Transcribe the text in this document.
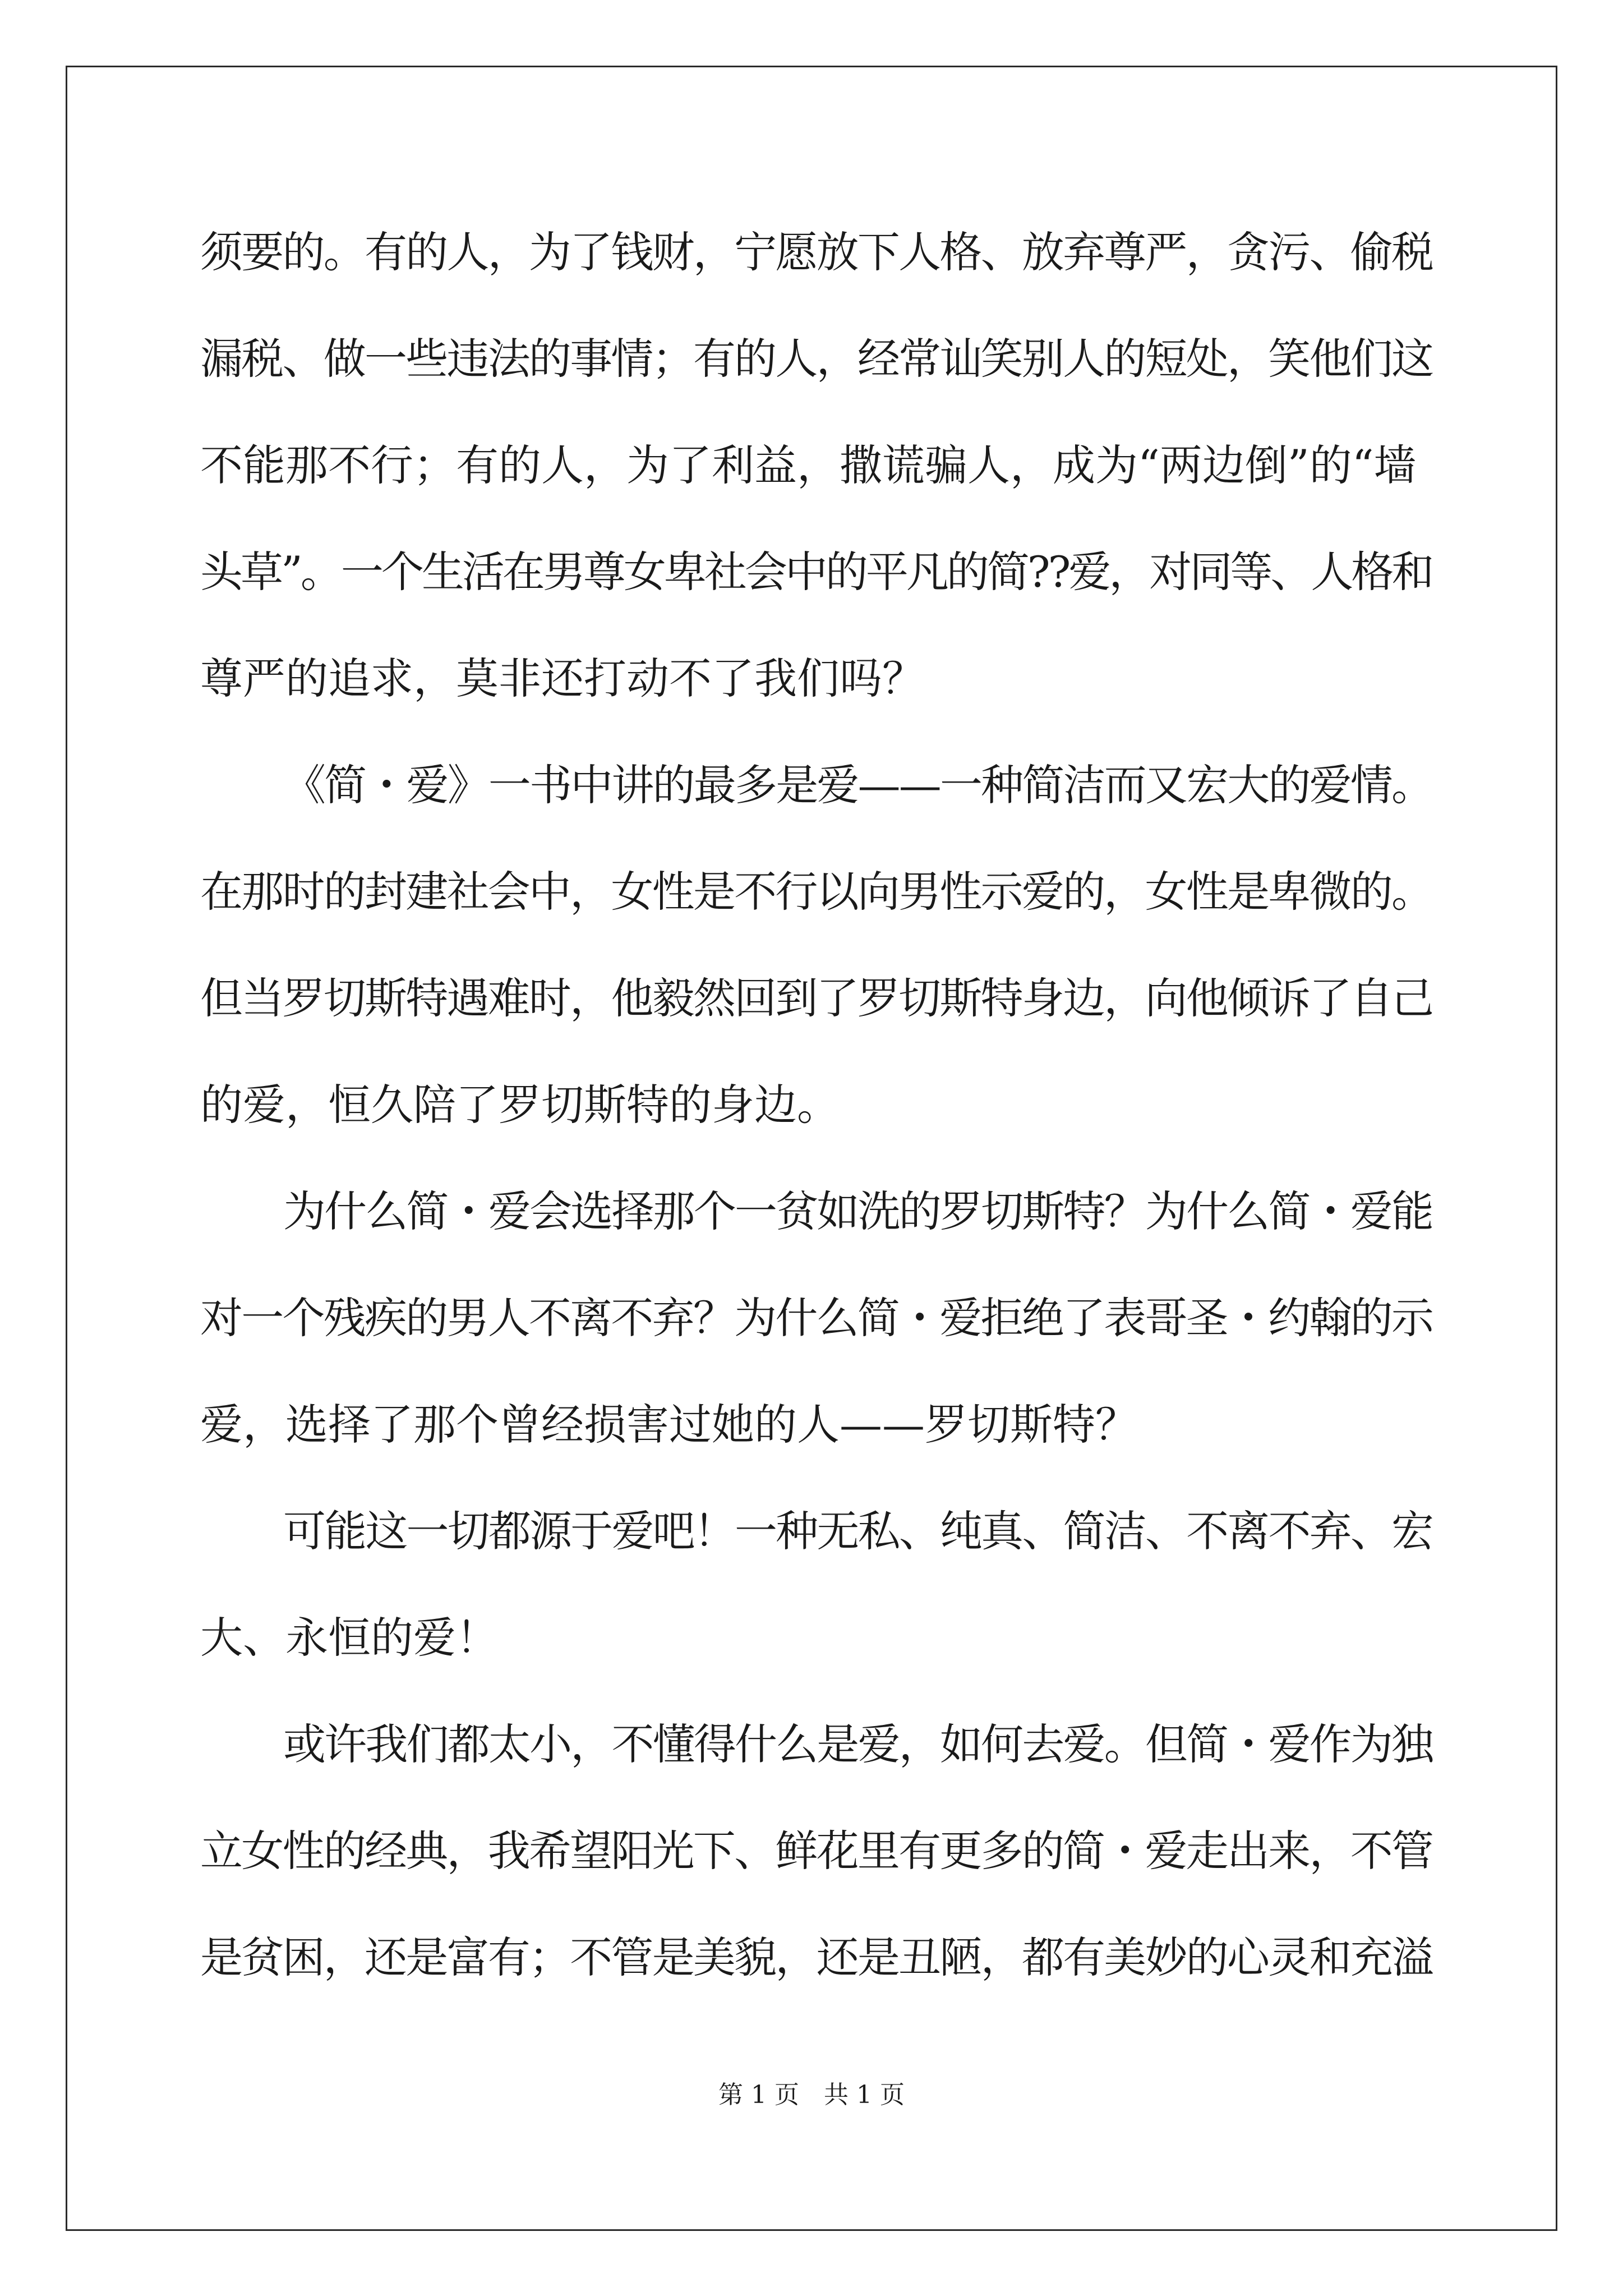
须要的。有的人，为了钱财，宁愿放下人格、放弃尊严，贪污、偷税
漏税、做一些违法的事情；有的人，经常讪笑别人的短处，笑他们这
不能那不行；有的人，为了利益，撒谎骗人，成为“两边倒”的“墙
头草”。一个生活在男尊女卑社会中的平凡的简??爱，对同等、人格和
尊严的追求，莫非还打动不了我们吗？
《简・爱》一书中讲的最多是爱——一种简洁而又宏大的爱情。
在那时的封建社会中，女性是不行以向男性示爱的，女性是卑微的。
但当罗切斯特遇难时，他毅然回到了罗切斯特身边，向他倾诉了自己
的爱，恒久陪了罗切斯特的身边。
为什么简・爱会选择那个一贫如洗的罗切斯特？为什么简・爱能
对一个残疾的男人不离不弃？为什么简・爱拒绝了表哥圣・约翰的示
爱，选择了那个曾经损害过她的人——罗切斯特？
可能这一切都源于爱吧！一种无私、纯真、简洁、不离不弃、宏
大、永恒的爱！
或许我们都太小，不懂得什么是爱，如何去爱。但简・爱作为独
立女性的经典，我希望阳光下、鲜花里有更多的简・爱走出来，不管
是贫困，还是富有；不管是美貌，还是丑陋，都有美妙的心灵和充溢
第 1 页　共 1 页
